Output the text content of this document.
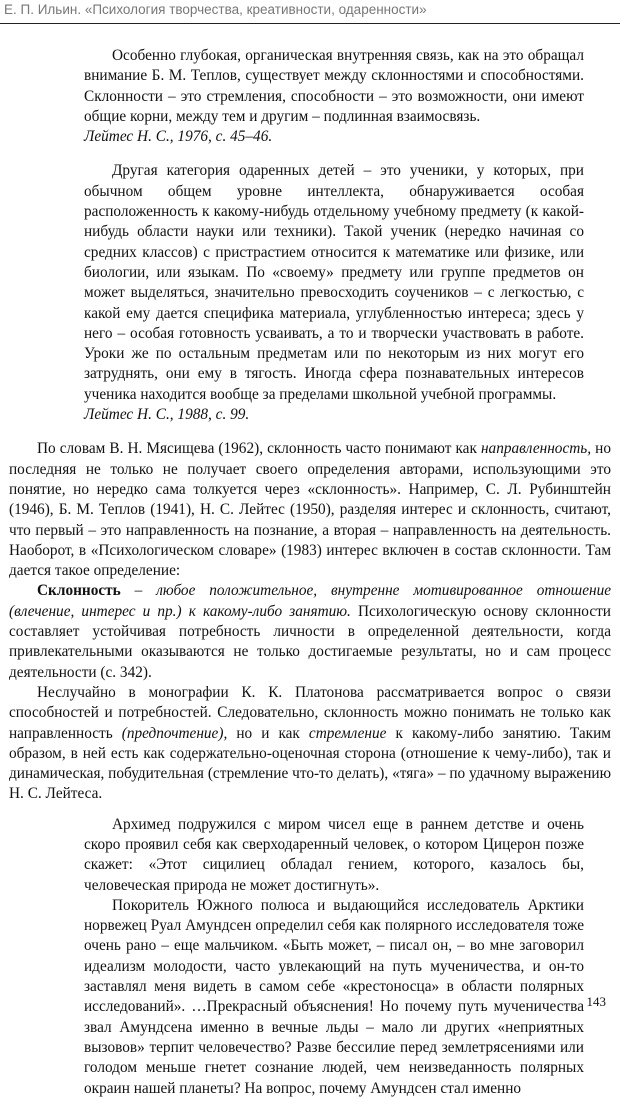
Е. П. Ильин. «Психология творчества, креативности, одаренности»

Особенно глубокая, органическая внутренняя связь, как на это обращал внимание Б. М. Теплов, существует между склонностями и способностями. Склонности – это стремления, способности – это возможности, они имеют общие корни, между тем и другим – подлинная взаимосвязь.

Лейтес Н. С., 1976, с. 45–46.

Другая категория одаренных детей – это ученики, у которых, при обычном общем уровне интеллекта, обнаруживается особая расположенность к какому-нибудь отдельному учебному предмету (к какой-нибудь области науки или техники). Такой ученик (нередко начиная со средних классов) с пристрастием относится к математике или физике, или биологии, или языкам. По «своему» предмету или группе предметов он может выделяться, значительно превосходить соучеников – с легкостью, с какой ему дается специфика материала, углубленностью интереса; здесь у него – особая готовность усваивать, а то и творчески участвовать в работе. Уроки же по остальным предметам или по некоторым из них могут его затруднять, они ему в тягость. Иногда сфера познавательных интересов ученика находится вообще за пределами школьной учебной программы.

Лейтес Н. С., 1988, с. 99.

По словам В. Н. Мясищева (1962), склонность часто понимают как направленность, но последняя не только не получает своего определения авторами, использующими это понятие, но нередко сама толкуется через «склонность». Например, С. Л. Рубинштейн (1946), Б. М. Теплов (1941), Н. С. Лейтес (1950), разделяя интерес и склонность, считают, что первый – это направленность на познание, а вторая – направленность на деятельность. Наоборот, в «Психологическом словаре» (1983) интерес включен в состав склонности. Там дается такое определение:

Склонность – любое положительное, внутренне мотивированное отношение (влечение, интерес и пр.) к какому-либо занятию. Психологическую основу склонности составляет устойчивая потребность личности в определенной деятельности, когда привлекательными оказываются не только достигаемые результаты, но и сам процесс деятельности (с. 342).

Неслучайно в монографии К. К. Платонова рассматривается вопрос о связи способностей и потребностей. Следовательно, склонность можно понимать не только как направленность (предпочтение), но и как стремление к какому-либо занятию. Таким образом, в ней есть как содержательно-оценочная сторона (отношение к чему-либо), так и динамическая, побудительная (стремление что-то делать), «тяга» – по удачному выражению Н. С. Лейтеса.

Архимед подружился с миром чисел еще в раннем детстве и очень скоро проявил себя как сверходаренный человек, о котором Цицерон позже скажет: «Этот сицилиец обладал гением, которого, казалось бы, человеческая природа не может достигнуть».

Покоритель Южного полюса и выдающийся исследователь Арктики норвежец Руал Амундсен определил себя как полярного исследователя тоже очень рано – еще мальчиком. «Быть может, – писал он, – во мне заговорил идеализм молодости, часто увлекающий на путь мученичества, и он-то заставлял меня видеть в самом себе «крестоносца» в области полярных исследований». …Прекрасный объяснения! Но почему путь мученичества звал Амундсена именно в вечные льды – мало ли других «неприятных вызовов» терпит человечество? Разве бессилие перед землетрясениями или голодом меньше гнетет сознание людей, чем неизведанность полярных окраин нашей планеты? На вопрос, почему Амундсен стал именно

143
